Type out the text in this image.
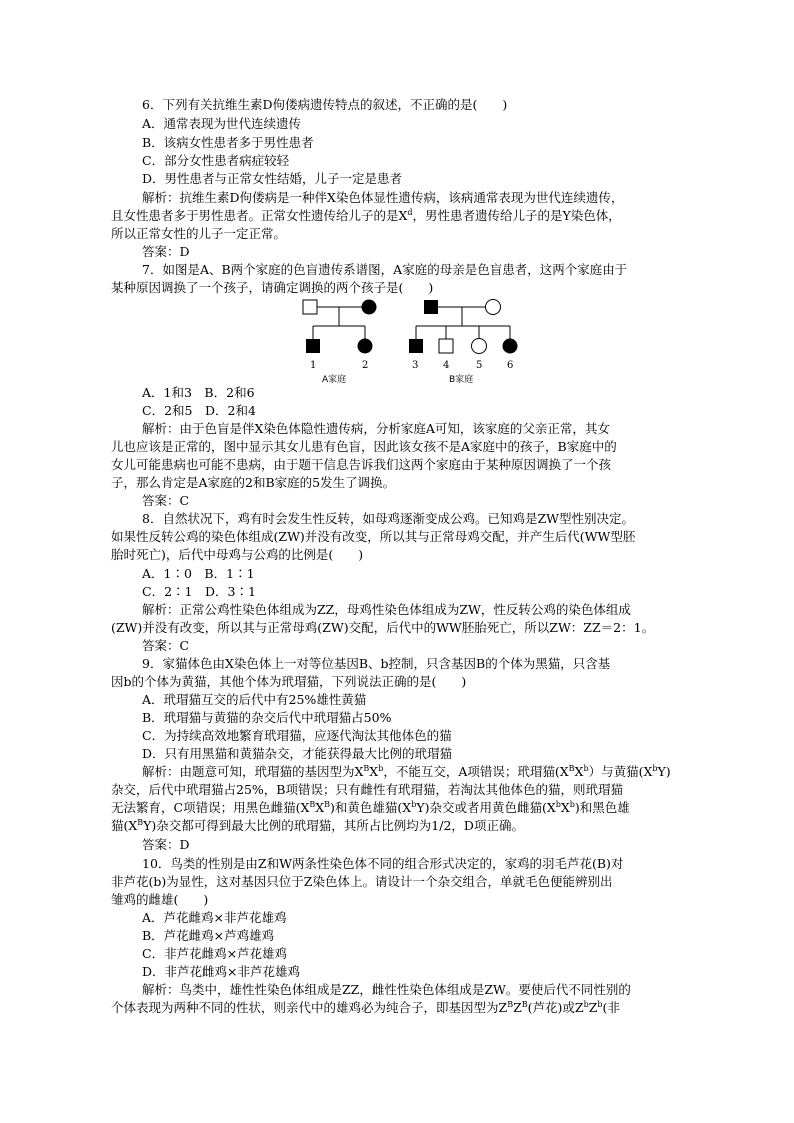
6．下列有关抗维生素D佝偻病遗传特点的叙述，不正确的是(　　)
A．通常表现为世代连续遗传
B．该病女性患者多于男性患者
C．部分女性患者病症较轻
D．男性患者与正常女性结婚，儿子一定是患者
解析：抗维生素D佝偻病是一种伴X染色体显性遗传病，该病通常表现为世代连续遗传，
且女性患者多于男性患者。正常女性遗传给儿子的是$X^d$，男性患者遗传给儿子的是Y染色体，
所以正常女性的儿子一定正常。
答案：D
7．如图是A、B两个家庭的色盲遗传系谱图，A家庭的母亲是色盲患者，这两个家庭由于
某种原因调换了一个孩子，请确定调换的两个孩子是(　　)
1	2
A家庭
3 4	5 6
B家庭
A．1和3　B．2和6
C．2和5　D．2和4
解析：由于色盲是伴X染色体隐性遗传病，分析家庭A可知，该家庭的父亲正常，其女
儿也应该是正常的，图中显示其女儿患有色盲，因此该女孩不是A家庭中的孩子，B家庭中的
女儿可能患病也可能不患病，由于题干信息告诉我们这两个家庭由于某种原因调换了一个孩
子，那么肯定是A家庭的2和B家庭的5发生了调换。
答案：C
8．自然状况下，鸡有时会发生性反转，如母鸡逐渐变成公鸡。已知鸡是ZW型性别决定。
如果性反转公鸡的染色体组成(ZW)并没有改变，所以其与正常母鸡交配，并产生后代(WW型胚
胎时死亡)，后代中母鸡与公鸡的比例是(　　)
A．1∶0　B．1∶1
C．2∶1　D．3∶1
解析：正常公鸡性染色体组成为ZZ，母鸡性染色体组成为ZW，性反转公鸡的染色体组成
(ZW)并没有改变，所以其与正常母鸡(ZW)交配，后代中的WW胚胎死亡，所以ZW：ZZ＝2：1。
答案：C
9．家猫体色由X染色体上一对等位基因B、b控制，只含基因B的个体为黑猫，只含基
因b的个体为黄猫，其他个体为玳瑁猫，下列说法正确的是(　　)
A．玳瑁猫互交的后代中有25%雄性黄猫
B．玳瑁猫与黄猫的杂交后代中玳瑁猫占50%
C．为持续高效地繁育玳瑁猫，应逐代淘汰其他体色的猫
D．只有用黑猫和黄猫杂交，才能获得最大比例的玳瑁猫
解析：由题意可知，玳瑁猫的基因型为$X^BX^b$，不能互交，A项错误；玳瑁猫$(X^BX^b)$与黄猫$(X^bY)$
杂交，后代中玳瑁猫占25%，B项错误；只有雌性有玳瑁猫，若淘汰其他体色的猫，则玳瑁猫
无法繁育，C项错误；用黑色雌猫$(X^BX^B)$和黄色雄猫$(X^bY)$杂交或者用黄色雌猫$(X^bX^b)$和黑色雄
猫$(X^BY)$杂交都可得到最大比例的玳瑁猫，其所占比例均为1/2，D项正确。
答案：D
10．鸟类的性别是由Z和W两条性染色体不同的组合形式决定的，家鸡的羽毛芦花(B)对
非芦花(b)为显性，这对基因只位于Z染色体上。请设计一个杂交组合，单就毛色便能辨别出
雏鸡的雌雄(　　)
A．芦花雌鸡×非芦花雄鸡
B．芦花雌鸡×芦鸡雄鸡
C．非芦花雌鸡×芦花雄鸡
D．非芦花雌鸡×非芦花雄鸡
解析：鸟类中，雄性性染色体组成是ZZ，雌性性染色体组成是ZW。要使后代不同性别的
个体表现为两种不同的性状，则亲代中的雄鸡必为纯合子，即基因型为$Z^BZ^B$(芦花)或$Z^bZ^b$(非
